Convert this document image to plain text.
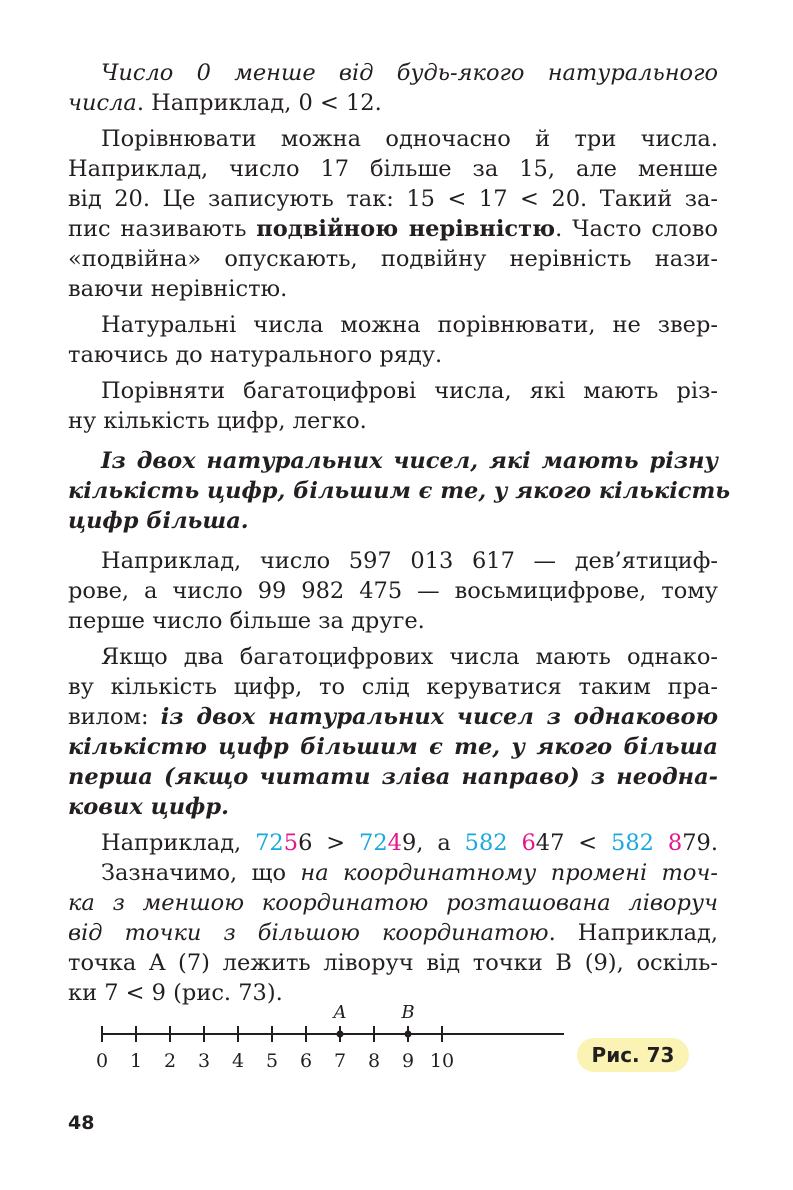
Число 0 менше від будь-якого натурального
числа. Наприклад, 0 < 12.
Порівнювати можна одночасно й три числа.
Наприклад, число 17 більше за 15, але менше
від 20. Це записують так: 15 < 17 < 20. Такий за-
пис називають подвійною нерівністю. Часто слово
«подвійна» опускають, подвійну нерівність нази-
ваючи нерівністю.
Натуральні числа можна порівнювати, не звер-
таючись до натурального ряду.
Порівняти багатоцифрові числа, які мають різ-
ну кількість цифр, легко.
Із двох натуральних чисел, які мають різну
кількість цифр, більшим є те, у якого кількість
цифр більша.
Наприклад, число 597 013 617 — дев’ятициф-
рове, а число 99 982 475 — восьмицифрове, тому
перше число більше за друге.
Якщо два багатоцифрових числа мають однако-
ву кількість цифр, то слід керуватися таким пра-
вилом: із двох натуральних чисел з однаковою
кількістю цифр більшим є те, у якого більша
перша (якщо читати зліва направо) з неодна-
кових цифр.
Наприклад, 7256 > 7249, а 582 647 < 582 879.
Зазначимо, що на координатному промені точ-
ка з меншою координатою розташована ліворуч
від точки з більшою координатою. Наприклад,
точка A (7) лежить ліворуч від точки B (9), оскіль-
ки 7 < 9 (рис. 73).
0 1 2 3 4 5 6 7 8 9 10
A	B
Рис. 73
48
